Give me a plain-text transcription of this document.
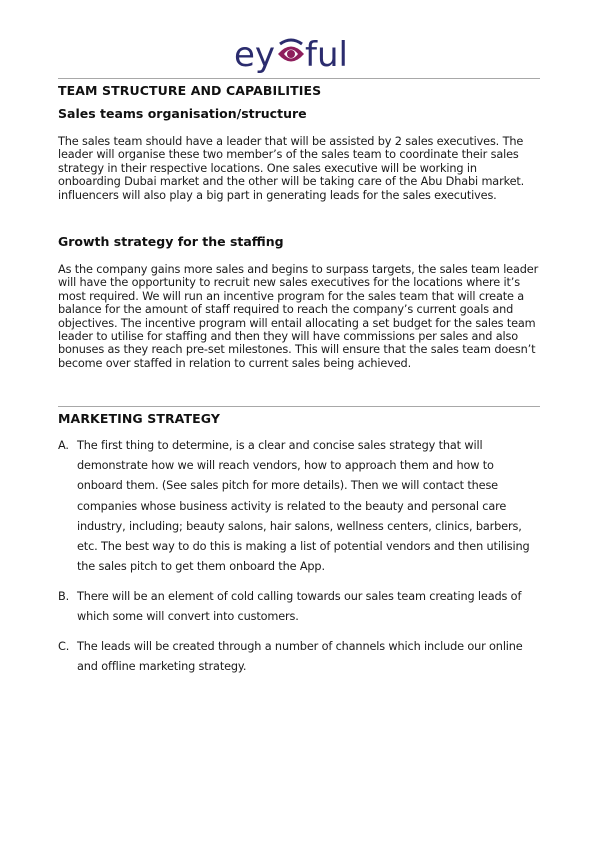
ey ful
TEAM STRUCTURE AND CAPABILITIES
Sales teams organisation/structure
The sales team should have a leader that will be assisted by 2 sales executives. The leader will organise these two member’s of the sales team to coordinate their sales strategy in their respective locations. One sales executive will be working in onboarding Dubai market and the other will be taking care of the Abu Dhabi market. influencers will also play a big part in generating leads for the sales executives.
Growth strategy for the staffing
As the company gains more sales and begins to surpass targets, the sales team leader will have the opportunity to recruit new sales executives for the locations where it’s most required. We will run an incentive program for the sales team that will create a balance for the amount of staff required to reach the company’s current goals and objectives. The incentive program will entail allocating a set budget for the sales team leader to utilise for staffing and then they will have commissions per sales and also bonuses as they reach pre-set milestones. This will ensure that the sales team doesn’t become over staffed in relation to current sales being achieved.
MARKETING STRATEGY
A. The first thing to determine, is a clear and concise sales strategy that will demonstrate how we will reach vendors, how to approach them and how to onboard them. (See sales pitch for more details). Then we will contact these companies whose business activity is related to the beauty and personal care industry, including; beauty salons, hair salons, wellness centers, clinics, barbers, etc. The best way to do this is making a list of potential vendors and then utilising the sales pitch to get them onboard the App.
B. There will be an element of cold calling towards our sales team creating leads of which some will convert into customers.
C. The leads will be created through a number of channels which include our online and offline marketing strategy.
